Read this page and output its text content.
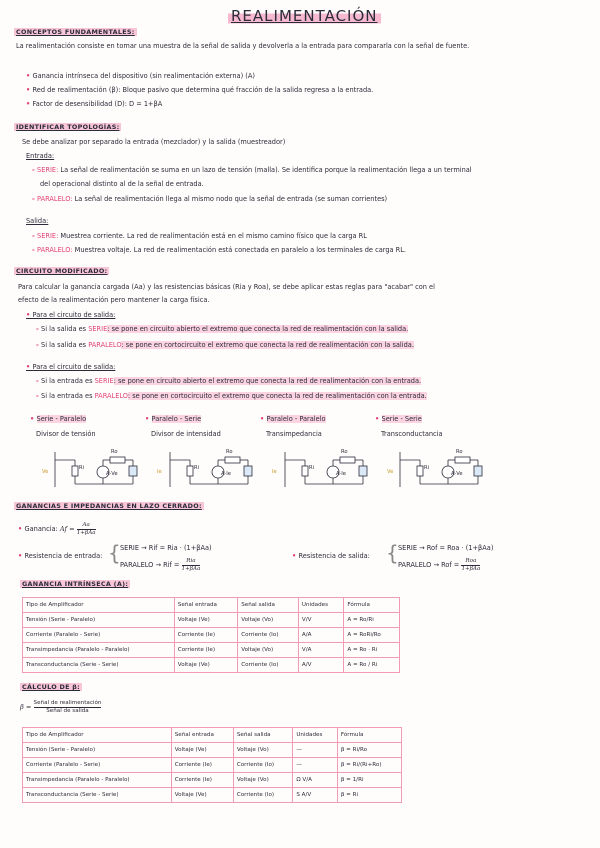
REALIMENTACIÓN
CONCEPTOS FUNDAMENTALES:
La realimentación consiste en tomar una muestra de la señal de salida y devolverla a la entrada para compararla con la señal de fuente.
• Ganancia intrínseca del dispositivo (sin realimentación externa) (A)
• Red de realimentación (β): Bloque pasivo que determina qué fracción de la salida regresa a la entrada.
• Factor de desensibilidad (D): D = 1+βA
IDENTIFICAR TOPOLOGÍAS:
Se debe analizar por separado la entrada (mezclador) y la salida (muestreador)
Entrada:
- SERIE: La señal de realimentación se suma en un lazo de tensión (malla). Se identifica porque la realimentación llega a un terminal
del operacional distinto al de la señal de entrada.
- PARALELO: La señal de realimentación llega al mismo nodo que la señal de entrada (se suman corrientes)
Salida:
- SERIE: Muestrea corriente. La red de realimentación está en el mismo camino físico que la carga RL
- PARALELO: Muestrea voltaje. La red de realimentación está conectada en paralelo a los terminales de carga RL.
CIRCUITO MODIFICADO:
Para calcular la ganancia cargada (Aa) y las resistencias básicas (Ria y Roa), se debe aplicar estas reglas para "acabar" con el
efecto de la realimentación pero mantener la carga física.
• Para el circuito de salida:
- Si la salida es SERIE: se pone en circuito abierto el extremo que conecta la red de realimentación con la salida.
- Si la salida es PARALELO: se pone en cortocircuito el extremo que conecta la red de realimentación con la salida.
• Para el circuito de salida:
- Si la entrada es SERIE: se pone en circuito abierto el extremo que conecta la red de realimentación con la entrada.
- Si la entrada es PARALELO: se pone en cortocircuito el extremo que conecta la red de realimentación con la entrada.
• Serie - Paralelo
Divisor de tensión
Ve
Ri
A·Ve
Ro
• Paralelo - Serie
Divisor de intensidad
Ie
Ri
A·Ie
Ro
• Paralelo - Paralelo
Transimpedancia
Ie
Ri
A·Ie
Ro
• Serie - Serie
Transconductancia
Ve
Ri
A·Ve
Ro
GANANCIAS E IMPEDANCIAS EN LAZO CERRADO:
• Ganancia: $Af = \frac{Aa}{\text{1+βAa}}$
• Resistencia de entrada: { SERIE → Rif = Ria · (1+βAa)
PARALELO → Rif = $\frac{\text{Ria}}{\text{1+βAa}}$
• Resistencia de salida: { SERIE → Rof = Roa · (1+βAa)
PARALELO → Rof = $\frac{\text{Roa}}{\text{1+βAa}}$
GANANCIA INTRÍNSECA (A):
Tipo de Amplificador	Señal entrada	Señal salida	Unidades	Fórmula
Tensión (Serie - Paralelo)	Voltaje (Ve)	Voltaje (Vo)	V/V	A = Ro/Ri
Corriente (Paralelo - Serie)	Corriente (Ie)	Corriente (Io)	A/A	A = RoRi/Ro
Transimpedancia (Paralelo - Paralelo)	Corriente (Ie)	Voltaje (Vo)	V/A	A = Ro · Ri
Transconductancia (Serie - Serie)	Voltaje (Ve)	Corriente (Io)	A/V	A = Ro / Ri
CÁLCULO DE β:
$\beta = \frac{\text{Señal de realimentación}}{\text{Señal de salida}}$
Tipo de Amplificador	Señal entrada	Señal salida	Unidades	Fórmula
Tensión (Serie - Paralelo)	Voltaje (Ve)	Voltaje (Vo)	—	β = Ri/Ro
Corriente (Paralelo - Serie)	Corriente (Ie)	Corriente (Io)	—	β = Ri/(Ri+Ro)
Transimpedancia (Paralelo - Paralelo)	Corriente (Ie)	Voltaje (Vo)	Ω V/A	β = 1/Ri
Transconductancia (Serie - Serie)	Voltaje (Ve)	Corriente (Io)	S A/V	β = Ri
